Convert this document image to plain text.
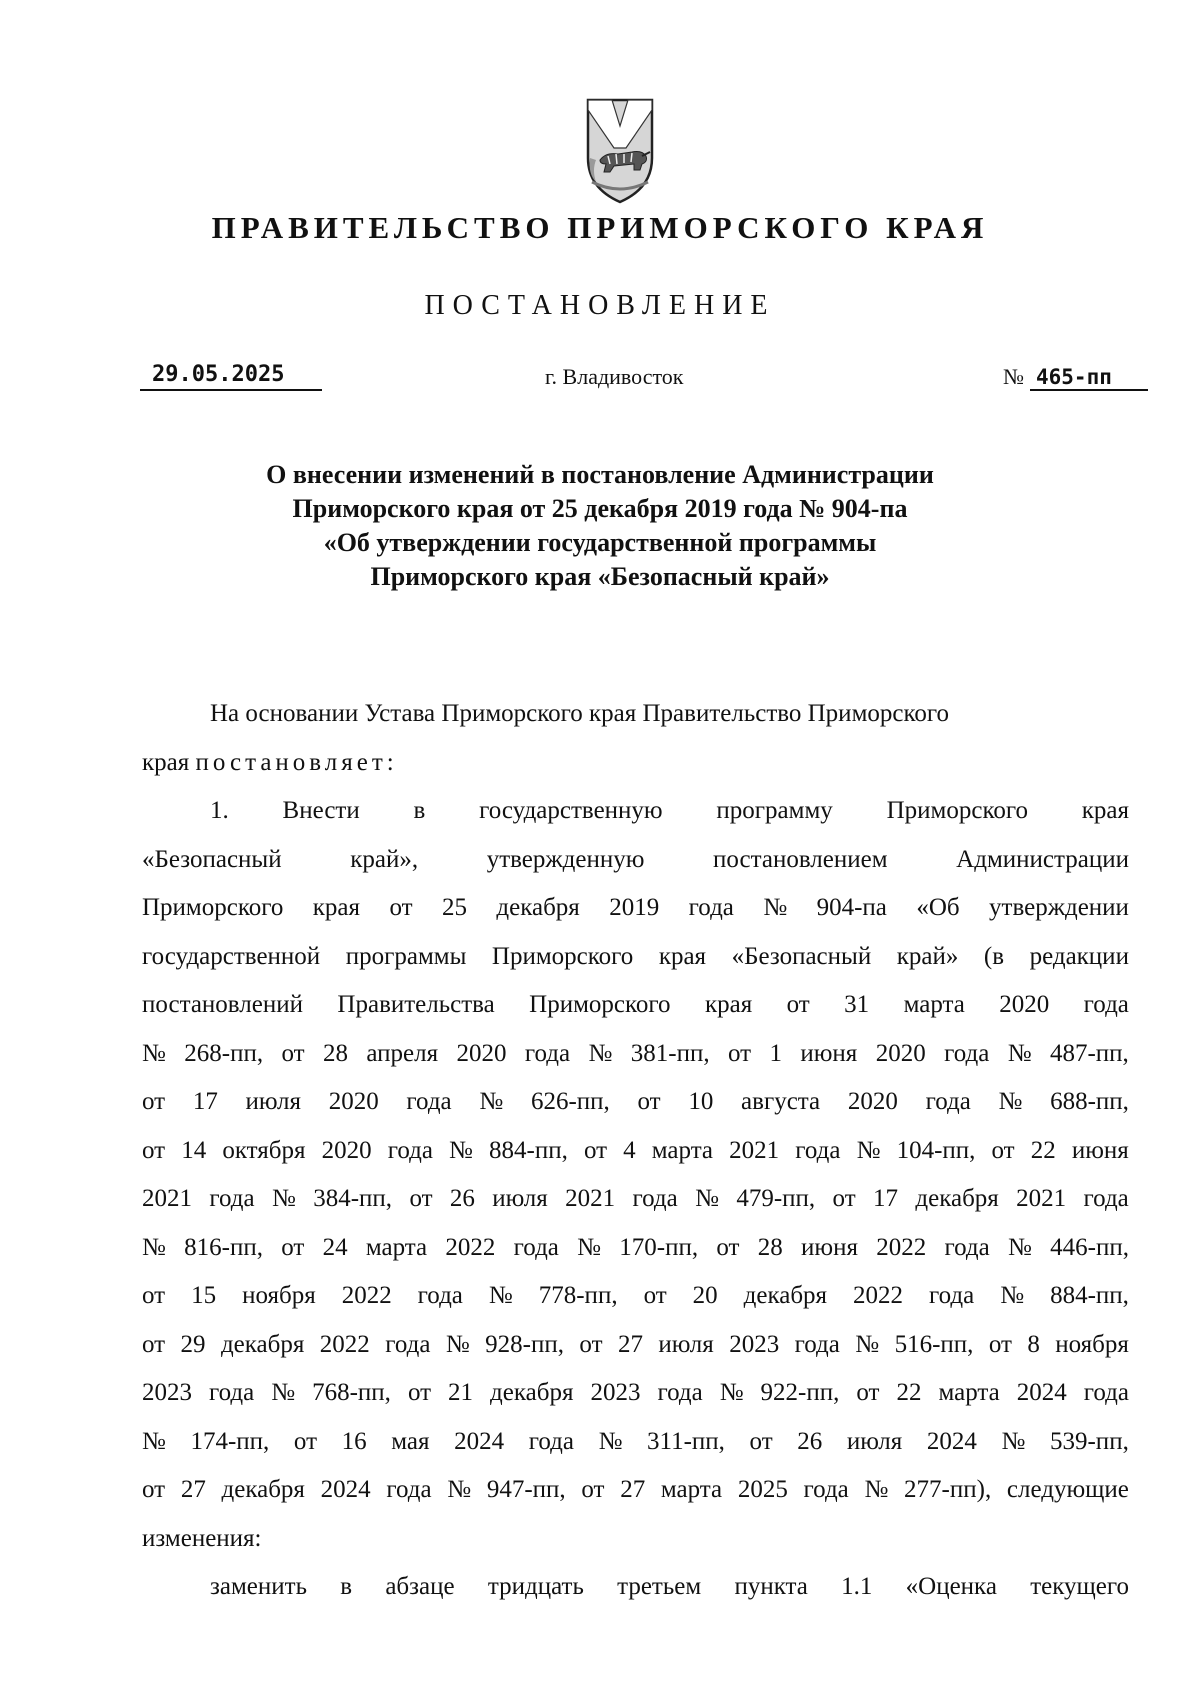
ПРАВИТЕЛЬСТВО ПРИМОРСКОГО КРАЯ
ПОСТАНОВЛЕНИЕ
29.05.2025	г. Владивосток	№ 465-пп
О внесении изменений в постановление Администрации
Приморского края от 25 декабря 2019 года № 904-па
«Об утверждении государственной программы
Приморского края «Безопасный край»
На основании Устава Приморского края Правительство Приморского
края
постановляет:
1. Внести в государственную программу Приморского края
«Безопасный	край»,	утвержденную	постановлением	Администрации
Приморского края от 25 декабря 2019 года № 904-па «Об утверждении
государственной программы Приморского края «Безопасный край» (в редакции
постановлений Правительства Приморского края от 31 марта 2020 года
№ 268-пп, от 28 апреля 2020 года № 381-пп, от 1 июня 2020 года № 487-пп,
от 17 июля 2020 года № 626-пп, от 10 августа 2020 года № 688-пп,
от 14 октября 2020 года № 884-пп, от 4 марта 2021 года № 104-пп, от 22 июня
2021 года № 384-пп, от 26 июля 2021 года № 479-пп, от 17 декабря 2021 года
№ 816-пп, от 24 марта 2022 года № 170-пп, от 28 июня 2022 года № 446-пп,
от 15 ноября 2022 года № 778-пп, от 20 декабря 2022 года № 884-пп,
от 29 декабря 2022 года № 928-пп, от 27 июля 2023 года № 516-пп, от 8 ноября
2023 года № 768-пп, от 21 декабря 2023 года № 922-пп, от 22 марта 2024 года
№ 174-пп, от 16 мая 2024 года № 311-пп, от 26 июля 2024 № 539-пп,
от 27 декабря 2024 года № 947-пп, от 27 марта 2025 года № 277-пп), следующие
изменения:
заменить в абзаце тридцать третьем пункта 1.1 «Оценка текущего
